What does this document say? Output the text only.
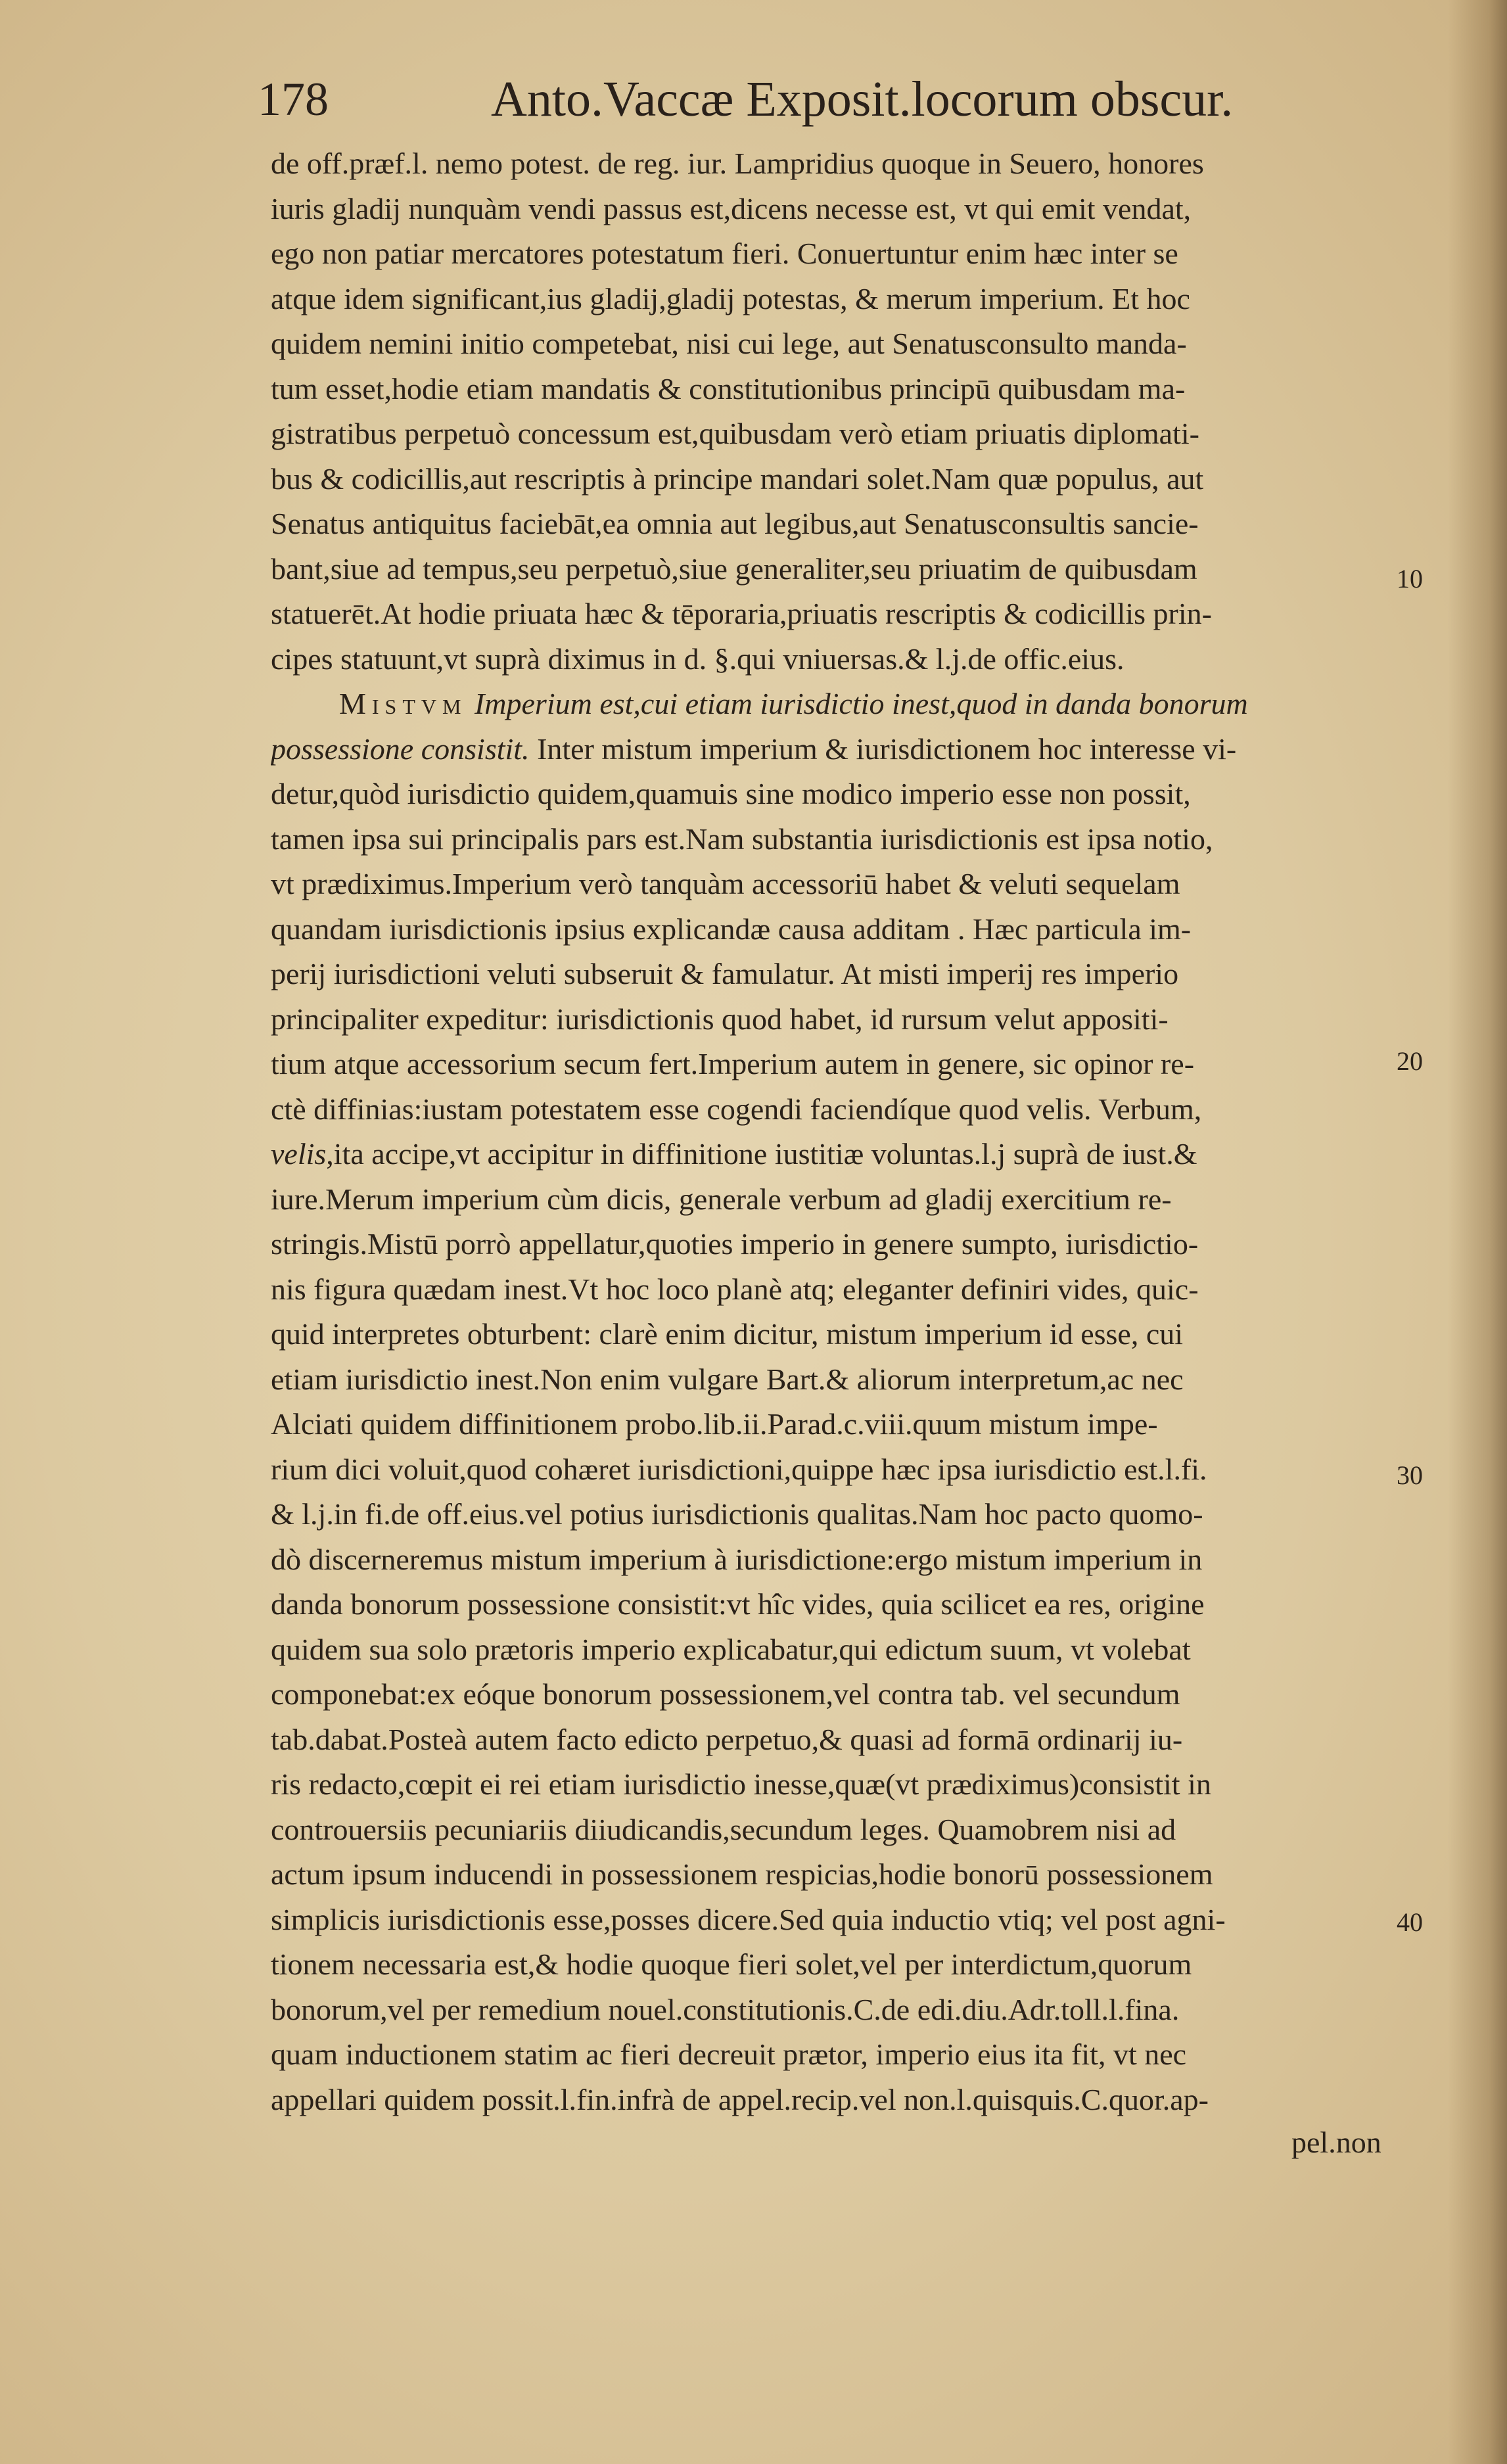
178	Anto.Vaccæ Exposit.locorum obscur.
de off.præf.l. nemo potest. de reg. iur. Lampridius quoque in Seuero, honores
iuris gladij nunquàm vendi passus est,dicens necesse est, vt qui emit vendat,
ego non patiar mercatores potestatum fieri. Conuertuntur enim hæc inter se
atque idem significant,ius gladij,gladij potestas, & merum imperium. Et hoc
quidem nemini initio competebat, nisi cui lege, aut Senatusconsulto manda-
tum esset,hodie etiam mandatis & constitutionibus principū quibusdam ma-
gistratibus perpetuò concessum est,quibusdam verò etiam priuatis diplomati-
bus & codicillis,aut rescriptis à principe mandari solet.Nam quæ populus, aut
Senatus antiquitus faciebāt,ea omnia aut legibus,aut Senatusconsultis sancie-
bant,siue ad tempus,seu perpetuò,siue generaliter,seu priuatim de quibusdam
statuerēt.At hodie priuata hæc & tēporaria,priuatis rescriptis & codicillis prin-
cipes statuunt,vt suprà diximus in d. §.qui vniuersas.& l.j.de offic.eius.
Mistvm Imperium est,cui etiam iurisdictio inest,quod in danda bonorum
possessione consistit. Inter mistum imperium & iurisdictionem hoc interesse vi-
detur,quòd iurisdictio quidem,quamuis sine modico imperio esse non possit,
tamen ipsa sui principalis pars est.Nam substantia iurisdictionis est ipsa notio,
vt prædiximus.Imperium verò tanquàm accessoriū habet & veluti sequelam
quandam iurisdictionis ipsius explicandæ causa additam . Hæc particula im-
perij iurisdictioni veluti subseruit & famulatur. At misti imperij res imperio
principaliter expeditur: iurisdictionis quod habet, id rursum velut appositi-
tium atque accessorium secum fert.Imperium autem in genere, sic opinor re-
ctè diffinias:iustam potestatem esse cogendi faciendíque quod velis. Verbum,
velis,ita accipe,vt accipitur in diffinitione iustitiæ voluntas.l.j suprà de iust.&
iure.Merum imperium cùm dicis, generale verbum ad gladij exercitium re-
stringis.Mistū porrò appellatur,quoties imperio in genere sumpto, iurisdictio-
nis figura quædam inest.Vt hoc loco planè atq; eleganter definiri vides, quic-
quid interpretes obturbent: clarè enim dicitur, mistum imperium id esse, cui
etiam iurisdictio inest.Non enim vulgare Bart.& aliorum interpretum,ac nec
Alciati quidem diffinitionem probo.lib.ii.Parad.c.viii.quum mistum impe-
rium dici voluit,quod cohæret iurisdictioni,quippe hæc ipsa iurisdictio est.l.fi.
& l.j.in fi.de off.eius.vel potius iurisdictionis qualitas.Nam hoc pacto quomo-
dò discerneremus mistum imperium à iurisdictione:ergo mistum imperium in
danda bonorum possessione consistit:vt hîc vides, quia scilicet ea res, origine
quidem sua solo prætoris imperio explicabatur,qui edictum suum, vt volebat
componebat:ex eóque bonorum possessionem,vel contra tab. vel secundum
tab.dabat.Posteà autem facto edicto perpetuo,& quasi ad formā ordinarij iu-
ris redacto,cœpit ei rei etiam iurisdictio inesse,quæ(vt prædiximus)consistit in
controuersiis pecuniariis diiudicandis,secundum leges. Quamobrem nisi ad
actum ipsum inducendi in possessionem respicias,hodie bonorū possessionem
simplicis iurisdictionis esse,posses dicere.Sed quia inductio vtiq; vel post agni-
tionem necessaria est,& hodie quoque fieri solet,vel per interdictum,quorum
bonorum,vel per remedium nouel.constitutionis.C.de edi.diu.Adr.toll.l.fina.
quam inductionem statim ac fieri decreuit prætor, imperio eius ita fit, vt nec
appellari quidem possit.l.fin.infrà de appel.recip.vel non.l.quisquis.C.quor.ap-
pel.non
10
20
30
40
